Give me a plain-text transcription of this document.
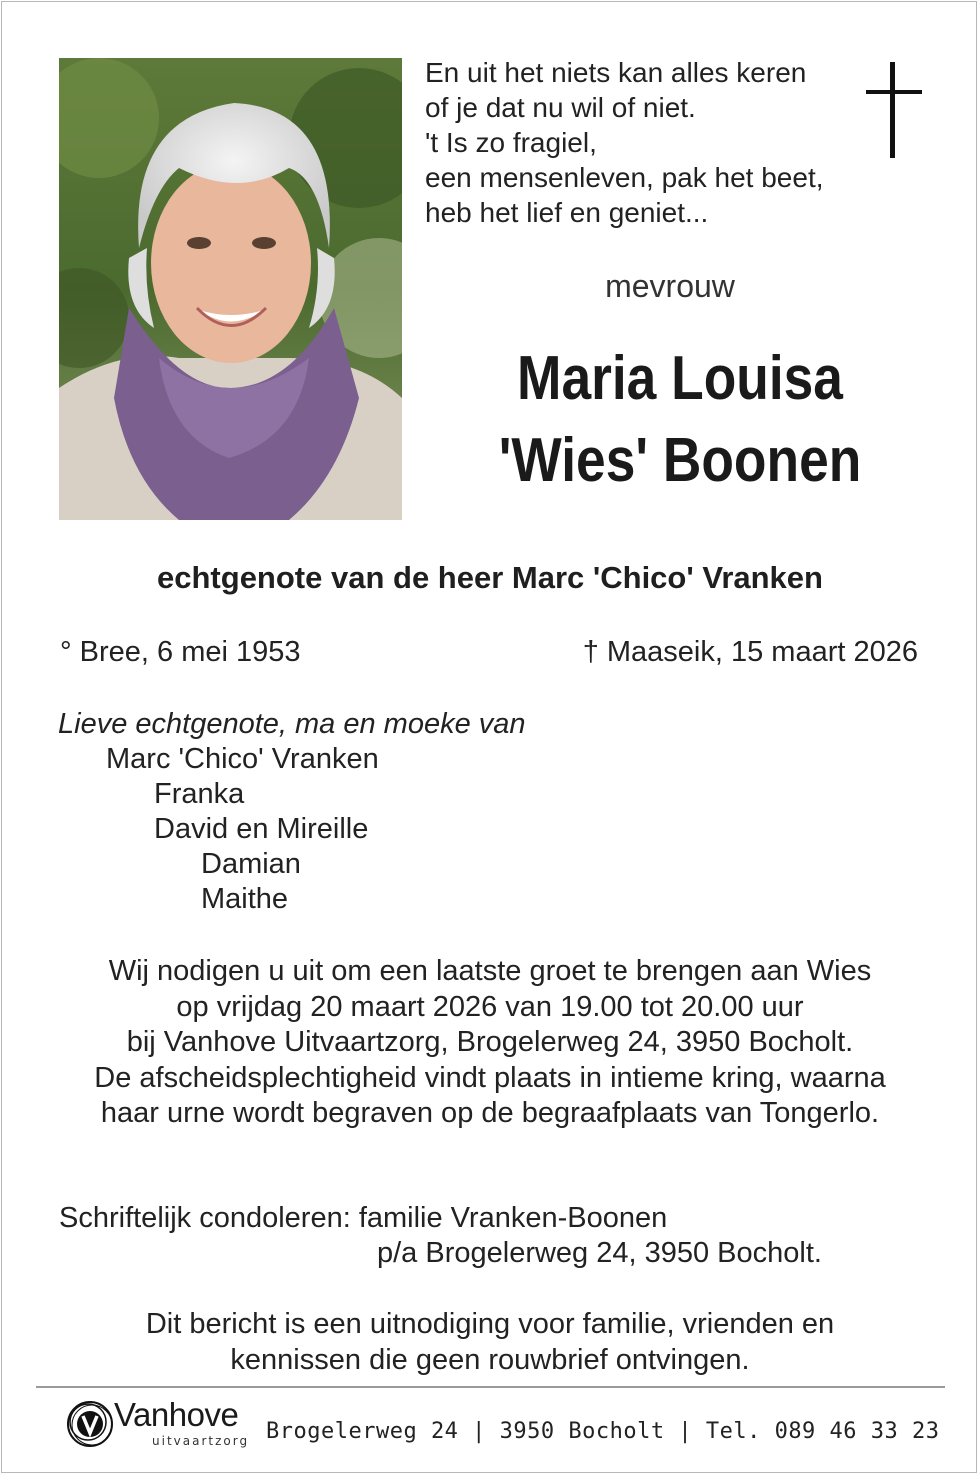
En uit het niets kan alles keren
of je dat nu wil of niet.
't Is zo fragiel,
een mensenleven, pak het beet,
heb het lief en geniet...
mevrouw
Maria Louisa
'Wies' Boonen
echtgenote van de heer Marc 'Chico' Vranken
° Bree, 6 mei 1953	† Maaseik, 15 maart 2026
Lieve echtgenote, ma en moeke van
Marc 'Chico' Vranken
Franka
David en Mireille
Damian
Maithe
Wij nodigen u uit om een laatste groet te brengen aan Wies
op vrijdag 20 maart 2026 van 19.00 tot 20.00 uur
bij Vanhove Uitvaartzorg, Brogelerweg 24, 3950 Bocholt.
De afscheidsplechtigheid vindt plaats in intieme kring, waarna
haar urne wordt begraven op de begraafplaats van Tongerlo.
Schriftelijk condoleren: familie Vranken-Boonen
p/a Brogelerweg 24, 3950 Bocholt.
Dit bericht is een uitnodiging voor familie, vrienden en
kennissen die geen rouwbrief ontvingen.
Vanhove
uitvaartzorg Brogelerweg 24 | 3950 Bocholt | Tel. 089 46 33 23
